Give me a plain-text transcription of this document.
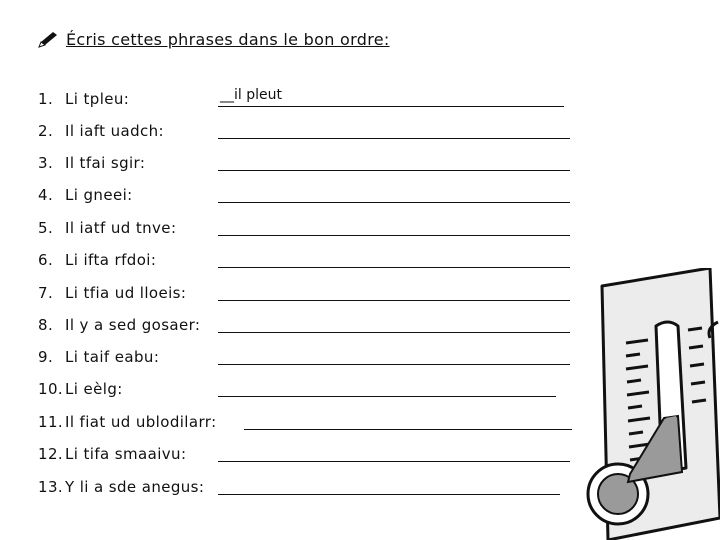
Écris cettes phrases dans le bon ordre:
1. Li tpleu:	__il pleut
2. Il iaft uadch:
3. Il tfai sgir:
4. Li gneei:
5. Il iatf ud tnve:
6. Li ifta rfdoi:
7. Li tfia ud lloeis:
8. Il y a sed gosaer:
9. Li taif eabu:
10. Li eèlg:
11. Il fiat ud ublodilarr:
12. Li tifa smaaivu:
13. Y li a sde anegus:
